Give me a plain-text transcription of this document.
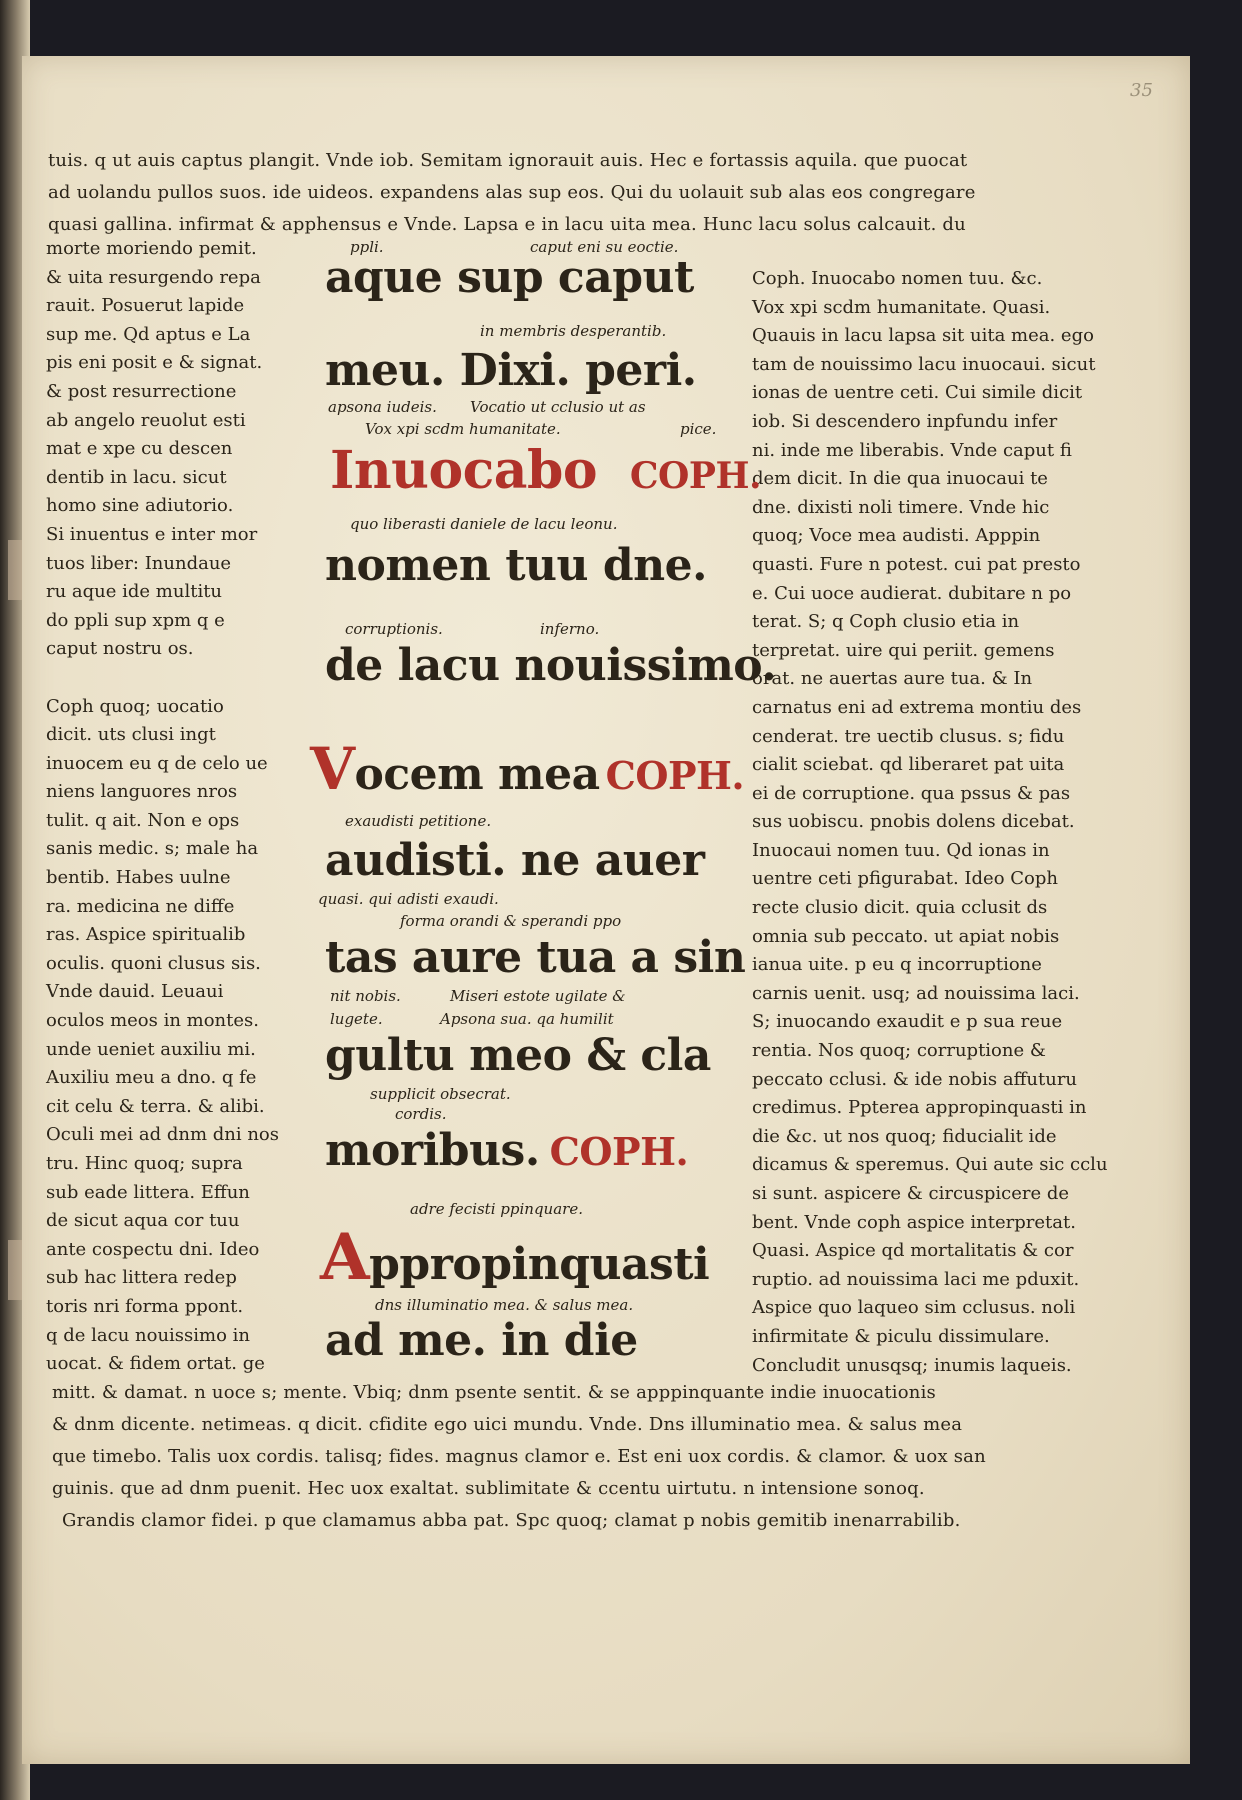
35
tuis. q ut auis captus plangit. Vnde iob. Semitam ignorauit auis. Hec e fortassis aquila. que puocat
ad uolandu pullos suos. ide uideos. expandens alas sup eos. Qui du uolauit sub alas eos congregare
quasi gallina. infirmat & apphensus e Vnde. Lapsa e in lacu uita mea. Hunc lacu solus calcauit. du
morte moriendo pemit.
& uita resurgendo repa
rauit. Posuerut lapide
sup me. Qd aptus e La
pis eni posit e & signat.
& post resurrectione
ab angelo reuolut esti
mat e xpe cu descen
dentib in lacu. sicut
homo sine adiutorio.
Si inuentus e inter mor
tuos liber: Inundaue
ru aque ide multitu
do ppli sup xpm q e
caput nostru os.
Coph quoq; uocatio
dicit. uts clusi ingt
inuocem eu q de celo ue
niens languores nros
tulit. q ait. Non e ops
sanis medic. s; male ha
bentib. Habes uulne
ra. medicina ne diffe
ras. Aspice spiritualib
oculis. quoni clusus sis.
Vnde dauid. Leuaui
oculos meos in montes.
unde ueniet auxiliu mi.
Auxiliu meu a dno. q fe
cit celu & terra. & alibi.
Oculi mei ad dnm dni nos
tru. Hinc quoq; supra
sub eade littera. Effun
de sicut aqua cor tuu
ante cospectu dni. Ideo
sub hac littera redep
toris nri forma ppont.
q de lacu nouissimo in
uocat. & fidem ortat. ge
Coph. Inuocabo nomen tuu. &c.
Vox xpi scdm humanitate. Quasi.
Quauis in lacu lapsa sit uita mea. ego
tam de nouissimo lacu inuocaui. sicut
ionas de uentre ceti. Cui simile dicit
iob. Si descendero inpfundu infer
ni. inde me liberabis. Vnde caput fi
dem dicit. In die qua inuocaui te
dne. dixisti noli timere. Vnde hic
quoq; Voce mea audisti. Apppin
quasti. Fure n potest. cui pat presto
e. Cui uoce audierat. dubitare n po
terat. S; q Coph clusio etia in
terpretat. uire qui periit. gemens
orat. ne auertas aure tua. & In
carnatus eni ad extrema montiu des
cenderat. tre uectib clusus. s; fidu
cialit sciebat. qd liberaret pat uita
ei de corruptione. qua pssus & pas
sus uobiscu. pnobis dolens dicebat.
Inuocaui nomen tuu. Qd ionas in
uentre ceti pfigurabat. Ideo Coph
recte clusio dicit. quia cclusit ds
omnia sub peccato. ut apiat nobis
ianua uite. p eu q incorruptione
carnis uenit. usq; ad nouissima laci.
S; inuocando exaudit e p sua reue
rentia. Nos quoq; corruptione &
peccato cclusi. & ide nobis affuturu
credimus. Ppterea appropinquasti in
die &c. ut nos quoq; fiducialit ide
dicamus & speremus. Qui aute sic cclu
si sunt. aspicere & circuspicere de
bent. Vnde coph aspice interpretat.
Quasi. Aspice qd mortalitatis & cor
ruptio. ad nouissima laci me pduxit.
Aspice quo laqueo sim cclusus. noli
infirmitate & piculu dissimulare.
Concludit unusqsq; inumis laqueis.
ppli.	caput eni su eoctie.
aque sup caput
in membris desperantib.
meu. Dixi. peri.
apsona iudeis. Vocatio ut cclusio ut as
Vox xpi scdm humanitate.	pice.
Inuocabo COPH.
quo liberasti daniele de lacu leonu.
nomen tuu dne.
corruptionis.	inferno.
de lacu nouissimo.
Vocem mea COPH.
exaudisti petitione.
audisti. ne auer
quasi. qui adisti exaudi.
forma orandi & sperandi ppo
tas aure tua a sin
nit nobis.	Miseri estote ugilate &
lugete.	Apsona sua. qa humilit
gultu meo & cla
supplicit obsecrat.
cordis.
moribus. COPH.
adre fecisti ppinquare.
Appropinquasti
dns illuminatio mea. & salus mea.
ad me. in die
mitt. & damat. n uoce s; mente. Vbiq; dnm psente sentit. & se apppinquante indie inuocationis
& dnm dicente. netimeas. q dicit. cfidite ego uici mundu. Vnde. Dns illuminatio mea. & salus mea
que timebo. Talis uox cordis. talisq; fides. magnus clamor e. Est eni uox cordis. & clamor. & uox san
guinis. que ad dnm puenit. Hec uox exaltat. sublimitate & ccentu uirtutu. n intensione sonoq.
Grandis clamor fidei. p que clamamus abba pat. Spc quoq; clamat p nobis gemitib inenarrabilib.
